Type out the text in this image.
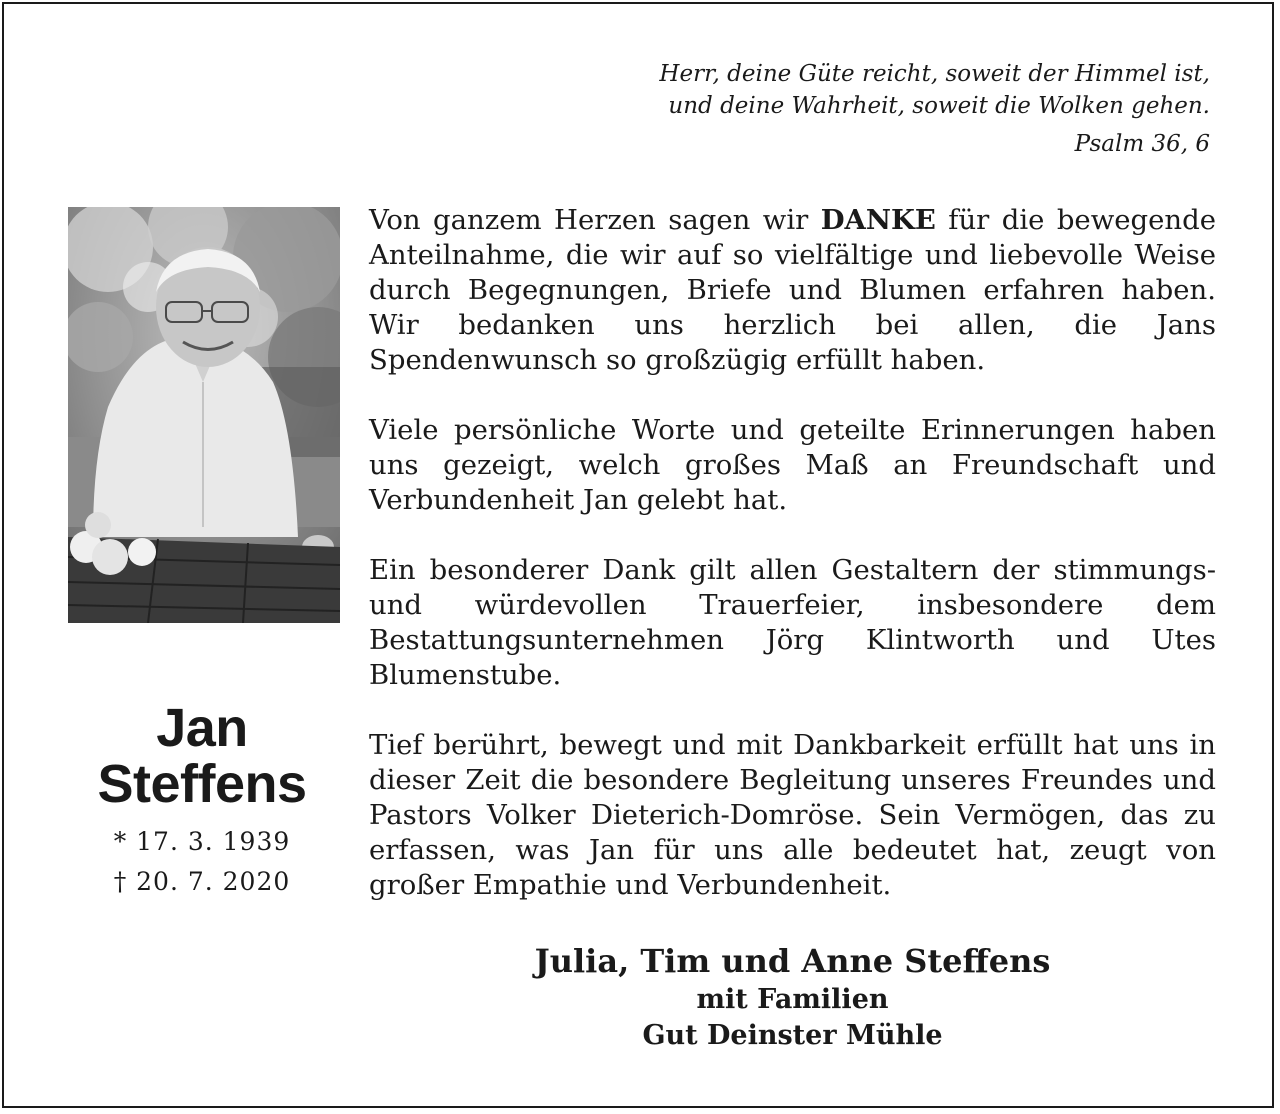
Herr, deine Güte reicht, soweit der Himmel ist,
und deine Wahrheit, soweit die Wolken gehen.
Psalm 36, 6
Jan
Steffens
* 17. 3. 1939
† 20. 7. 2020

Von ganzem Herzen sagen wir DANKE für die bewegende Anteilnahme, die wir auf so vielfältige und liebevolle Weise durch Begegnungen, Briefe und Blumen erfahren haben. Wir bedanken uns herzlich bei allen, die Jans Spendenwunsch so großzügig erfüllt haben.

Viele persönliche Worte und geteilte Erinnerungen haben uns gezeigt, welch großes Maß an Freundschaft und Verbundenheit Jan gelebt hat.

Ein besonderer Dank gilt allen Gestaltern der stimmungs- und würdevollen Trauerfeier, insbesondere dem Bestattungsunternehmen Jörg Klintworth und Utes Blumenstube.

Tief berührt, bewegt und mit Dankbarkeit erfüllt hat uns in dieser Zeit die besondere Begleitung unseres Freundes und Pastors Volker Dieterich-Domröse. Sein Vermögen, das zu erfassen, was Jan für uns alle bedeutet hat, zeugt von großer Empathie und Verbundenheit.

Julia, Tim und Anne Steffens
mit Familien
Gut Deinster Mühle
